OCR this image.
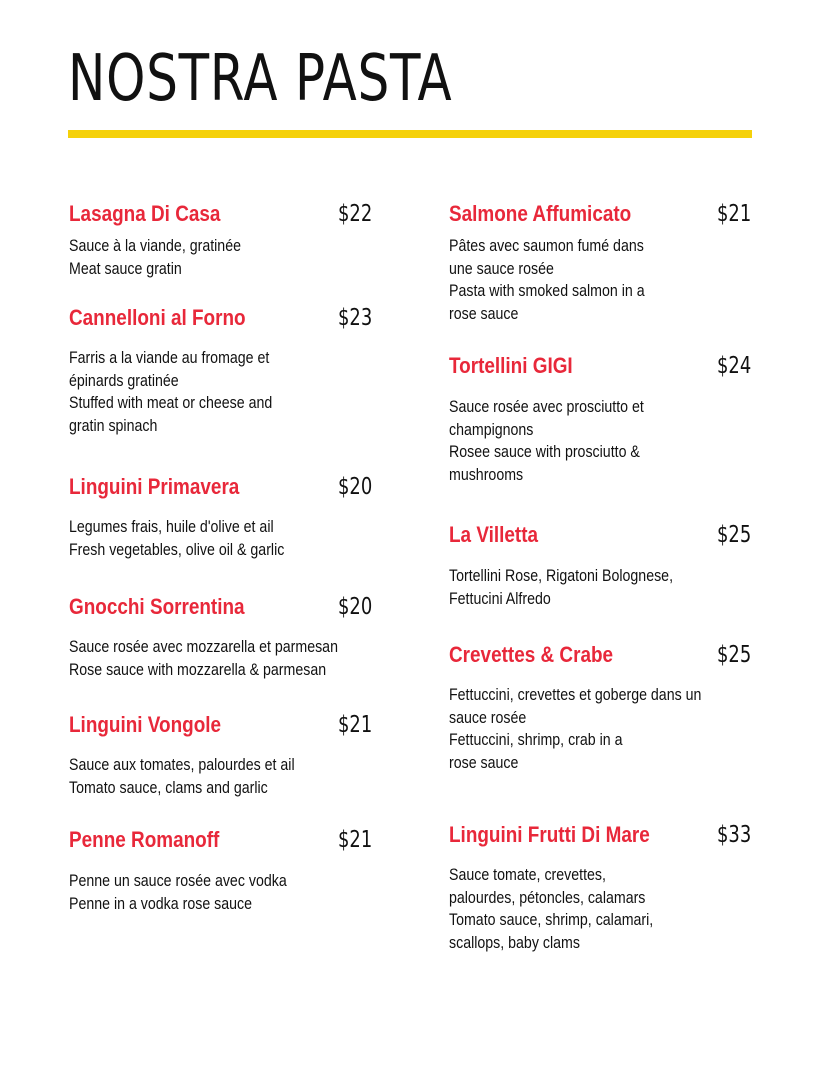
NOSTRA PASTA
Lasagna Di Casa	$22
Sauce à la viande, gratinée
Meat sauce gratin
Cannelloni al Forno	$23
Farris a la viande au fromage et
épinards gratinée
Stuffed with meat or cheese and
gratin spinach
Linguini Primavera	$20
Legumes frais, huile d'olive et ail
Fresh vegetables, olive oil & garlic
Gnocchi Sorrentina	$20
Sauce rosée avec mozzarella et parmesan
Rose sauce with mozzarella & parmesan
Linguini Vongole	$21
Sauce aux tomates, palourdes et ail
Tomato sauce, clams and garlic
Penne Romanoff	$21
Penne un sauce rosée avec vodka
Penne in a vodka rose sauce
Salmone Affumicato	$21
Pâtes avec saumon fumé dans
une sauce rosée
Pasta with smoked salmon in a
rose sauce
Tortellini GIGI	$24
Sauce rosée avec prosciutto et
champignons
Rosee sauce with prosciutto &
mushrooms
La Villetta	$25
Tortellini Rose, Rigatoni Bolognese,
Fettucini Alfredo
Crevettes & Crabe	$25
Fettuccini, crevettes et goberge dans un
sauce rosée
Fettuccini, shrimp, crab in a
rose sauce
Linguini Frutti Di Mare	$33
Sauce tomate, crevettes,
palourdes, pétoncles, calamars
Tomato sauce, shrimp, calamari,
scallops, baby clams
